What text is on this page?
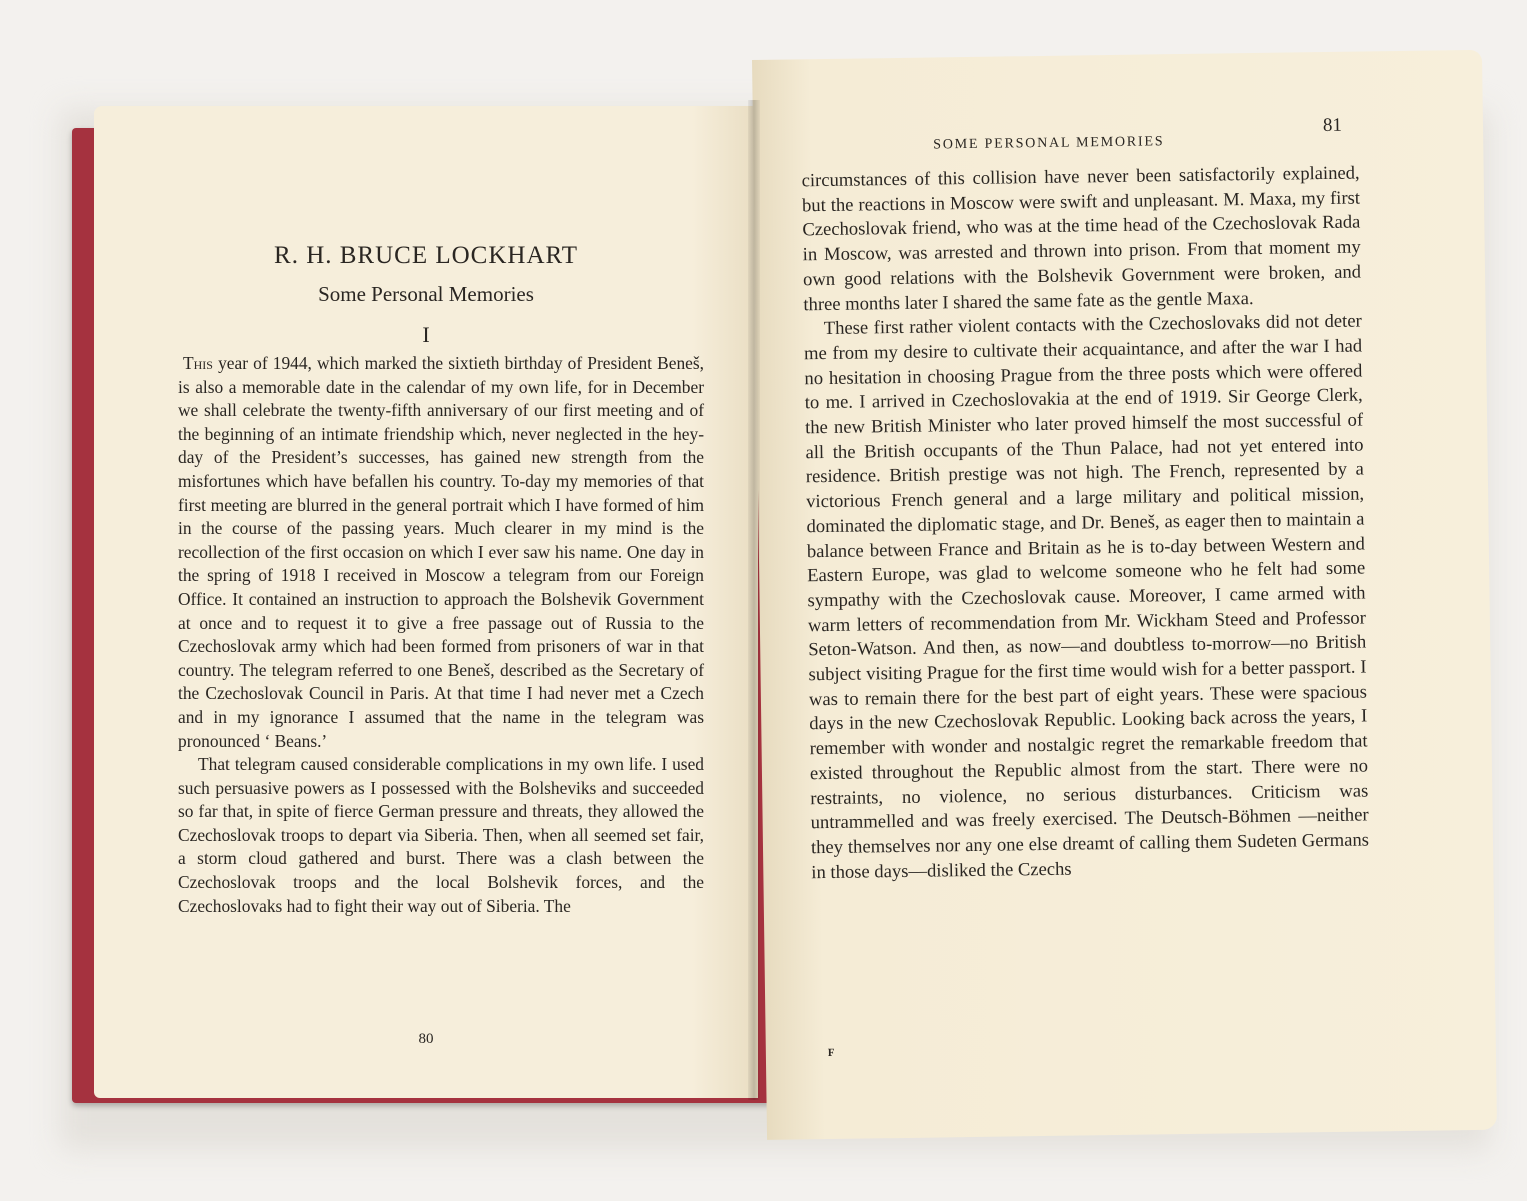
R. H. BRUCE LOCKHART
Some Personal Memories
I

This year of 1944, which marked the sixtieth birthday of President Beneš, is also a memorable date in the calendar of my own life, for in December we shall celebrate the twenty-fifth anniversary of our first meeting and of the beginning of an intimate friendship which, never neglected in the hey-day of the President’s successes, has gained new strength from the misfortunes which have befallen his country. To-day my memories of that first meeting are blurred in the general portrait which I have formed of him in the course of the passing years. Much clearer in my mind is the recollection of the first occasion on which I ever saw his name. One day in the spring of 1918 I received in Moscow a telegram from our Foreign Office. It contained an instruction to approach the Bolshevik Government at once and to request it to give a free passage out of Russia to the Czechoslovak army which had been formed from prisoners of war in that country. The telegram referred to one Beneš, described as the Secretary of the Czechoslovak Council in Paris. At that time I had never met a Czech and in my ignorance I assumed that the name in the telegram was pronounced ‘ Beans.’

That telegram caused considerable complications in my own life. I used such persuasive powers as I possessed with the Bolsheviks and succeeded so far that, in spite of fierce German pressure and threats, they allowed the Czechoslovak troops to depart via Siberia. Then, when all seemed set fair, a storm cloud gathered and burst. There was a clash between the Czechoslovak troops and the local Bolshevik forces, and the Czechoslovaks had to fight their way out of Siberia. The

80
SOME PERSONAL MEMORIES
81

circumstances of this collision have never been satisfactorily explained, but the reactions in Moscow were swift and unpleasant. M. Maxa, my first Czechoslovak friend, who was at the time head of the Czechoslovak Rada in Moscow, was arrested and thrown into prison. From that moment my own good relations with the Bolshevik Government were broken, and three months later I shared the same fate as the gentle Maxa.

These first rather violent contacts with the Czechoslovaks did not deter me from my desire to cultivate their acquaintance, and after the war I had no hesitation in choosing Prague from the three posts which were offered to me. I arrived in Czechoslovakia at the end of 1919. Sir George Clerk, the new British Minister who later proved himself the most successful of all the British occupants of the Thun Palace, had not yet entered into residence. British prestige was not high. The French, represented by a victorious French general and a large military and political mission, dominated the diplomatic stage, and Dr. Beneš, as eager then to maintain a balance between France and Britain as he is to-day between Western and Eastern Europe, was glad to welcome someone who he felt had some sympathy with the Czechoslovak cause. Moreover, I came armed with warm letters of recommendation from Mr. Wickham Steed and Professor Seton-Watson. And then, as now—and doubtless to-morrow—no British subject visiting Prague for the first time would wish for a better passport. I was to remain there for the best part of eight years. These were spacious days in the new Czechoslovak Republic. Looking back across the years, I remember with wonder and nostalgic regret the remarkable freedom that existed throughout the Republic almost from the start. There were no restraints, no violence, no serious disturbances. Criticism was untrammelled and was freely exercised. The Deutsch-Böhmen —neither they themselves nor any one else dreamt of calling them Sudeten Germans in those days—disliked the Czechs

F
